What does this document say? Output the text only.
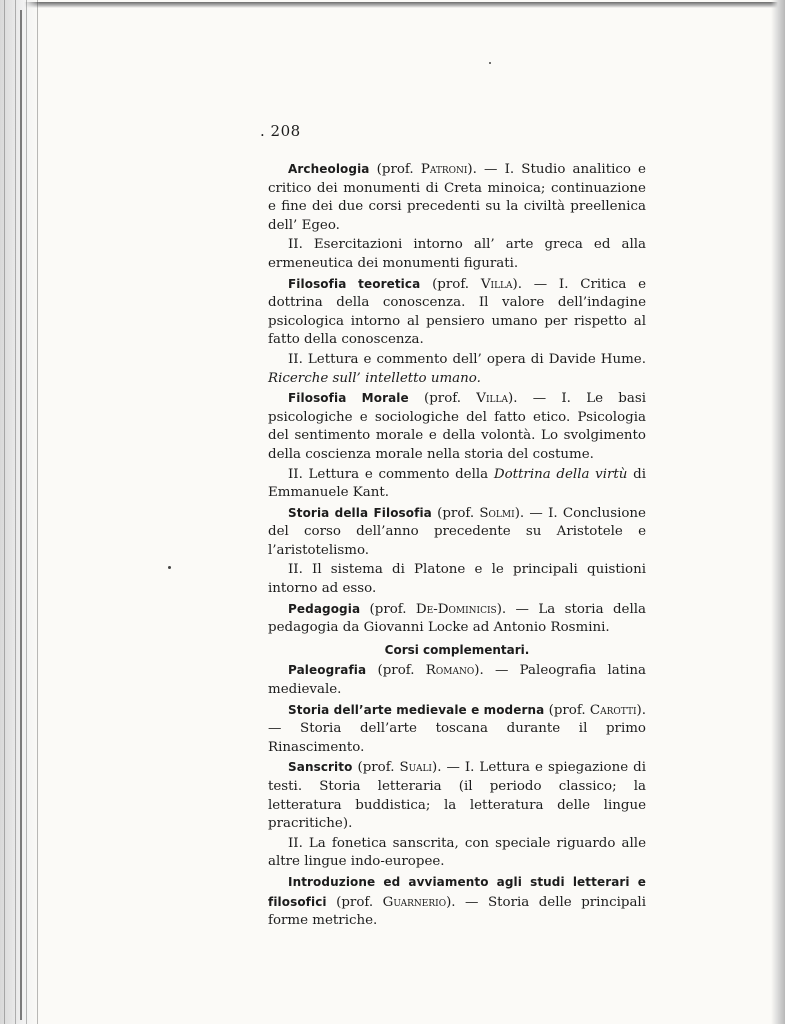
. 208

Archeologia (prof. Patroni). — I. Studio analitico e critico dei monumenti di Creta minoica; continuazione e fine dei due corsi precedenti su la civiltà preellenica dell’ Egeo.

II. Esercitazioni intorno all’ arte greca ed alla ermeneutica dei monumenti figurati.

Filosofia teoretica (prof. Villa). — I. Critica e dottrina della conoscenza. Il valore dell’indagine psicologica intorno al pensiero umano per rispetto al fatto della conoscenza.

II. Lettura e commento dell’ opera di Davide Hume. Ricerche sull’ intelletto umano.

Filosofia Morale (prof. Villa). — I. Le basi psicologiche e sociologiche del fatto etico. Psicologia del sentimento morale e della volontà. Lo svolgimento della coscienza morale nella storia del costume.

II. Lettura e commento della Dottrina della virtù di Emmanuele Kant.

Storia della Filosofia (prof. Solmi). — I. Conclusione del corso dell’anno precedente su Aristotele e l’aristotelismo.

II. Il sistema di Platone e le principali quistioni intorno ad esso.

Pedagogia (prof. De-Dominicis). — La storia della pedagogia da Giovanni Locke ad Antonio Rosmini.

Corsi complementari.

Paleografia (prof. Romano). — Paleografia latina medievale.

Storia dell’arte medievale e moderna (prof. Carotti). — Storia dell’arte toscana durante il primo Rinascimento.

Sanscrito (prof. Suali). — I. Lettura e spiegazione di testi. Storia letteraria (il periodo classico; la letteratura buddistica; la letteratura delle lingue pracritiche).

II. La fonetica sanscrita, con speciale riguardo alle altre lingue indo-europee.

Introduzione ed avviamento agli studi letterari e filosofici (prof. Guarnerio). — Storia delle principali forme metriche.
